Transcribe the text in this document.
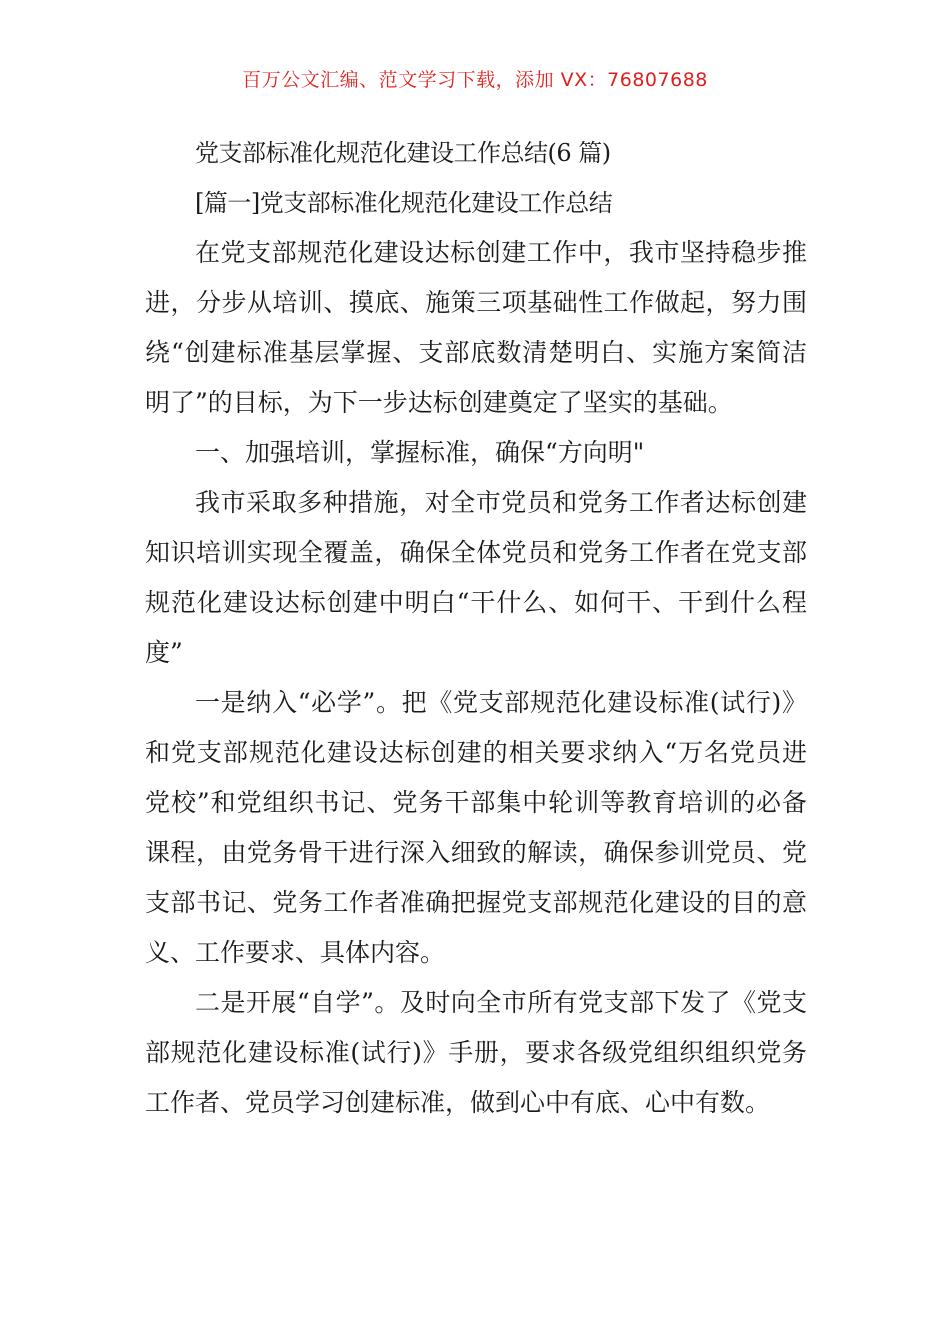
百万公文汇编、范文学习下载，添加 VX：76807688

党支部标准化规范化建设工作总结(6 篇)

[篇一]党支部标准化规范化建设工作总结

在党支部规范化建设达标创建工作中，我市坚持稳步推进，分步从培训、摸底、施策三项基础性工作做起，努力围绕“创建标准基层掌握、支部底数清楚明白、实施方案简洁明了”的目标，为下一步达标创建奠定了坚实的基础。

一、加强培训，掌握标准，确保“方向明"

我市采取多种措施，对全市党员和党务工作者达标创建知识培训实现全覆盖，确保全体党员和党务工作者在党支部规范化建设达标创建中明白“干什么、如何干、干到什么程度”

一是纳入“必学”。把《党支部规范化建设标准(试行)》和党支部规范化建设达标创建的相关要求纳入“万名党员进党校”和党组织书记、党务干部集中轮训等教育培训的必备课程，由党务骨干进行深入细致的解读，确保参训党员、党支部书记、党务工作者准确把握党支部规范化建设的目的意义、工作要求、具体内容。

二是开展“自学”。及时向全市所有党支部下发了《党支部规范化建设标准(试行)》手册，要求各级党组织组织党务工作者、党员学习创建标准，做到心中有底、心中有数。
